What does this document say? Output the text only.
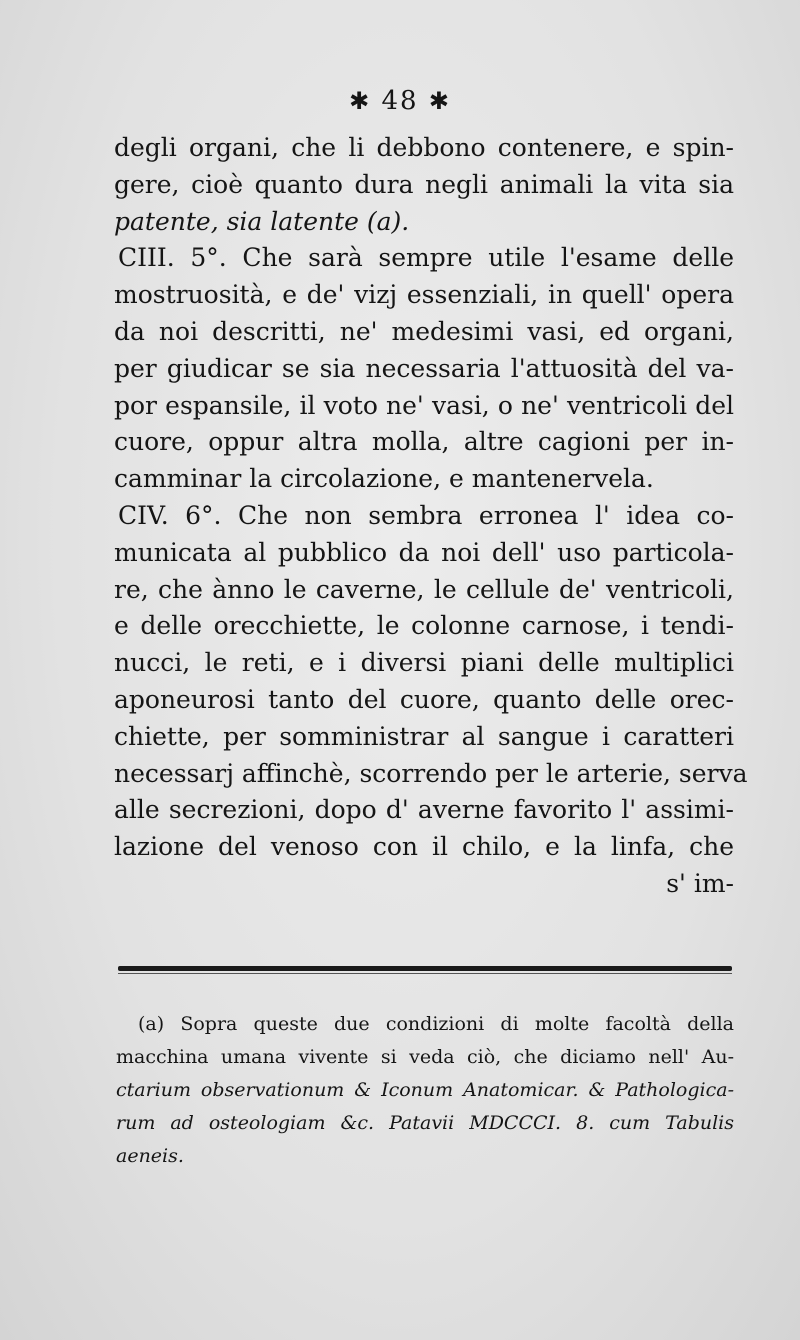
✱ 48 ✱
degli organi, che li debbono contenere, e spin-
gere, cioè quanto dura negli animali la vita sia
patente, sia latente (a).
CIII. 5°. Che sarà sempre utile l'esame delle
mostruosità, e de' vizj essenziali, in quell' opera
da noi descritti, ne' medesimi vasi, ed organi,
per giudicar se sia necessaria l'attuosità del va-
por espansile, il voto ne' vasi, o ne' ventricoli del
cuore, oppur altra molla, altre cagioni per in-
camminar la circolazione, e mantenervela.
CIV. 6°. Che non sembra erronea l' idea co-
municata al pubblico da noi dell' uso particola-
re, che ànno le caverne, le cellule de' ventricoli,
e delle orecchiette, le colonne carnose, i tendi-
nucci, le reti, e i diversi piani delle multiplici
aponeurosi tanto del cuore, quanto delle orec-
chiette, per somministrar al sangue i caratteri
necessarj affinchè, scorrendo per le arterie, serva
alle secrezioni, dopo d' averne favorito l' assimi-
lazione del venoso con il chilo, e la linfa, che
s' im-
(a) Sopra queste due condizioni di molte facoltà della
macchina umana vivente si veda ciò, che diciamo nell' Au-
ctarium observationum & Iconum Anatomicar. & Pathologica-
rum ad osteologiam &c. Patavii MDCCCI. 8. cum Tabulis
aeneis.
